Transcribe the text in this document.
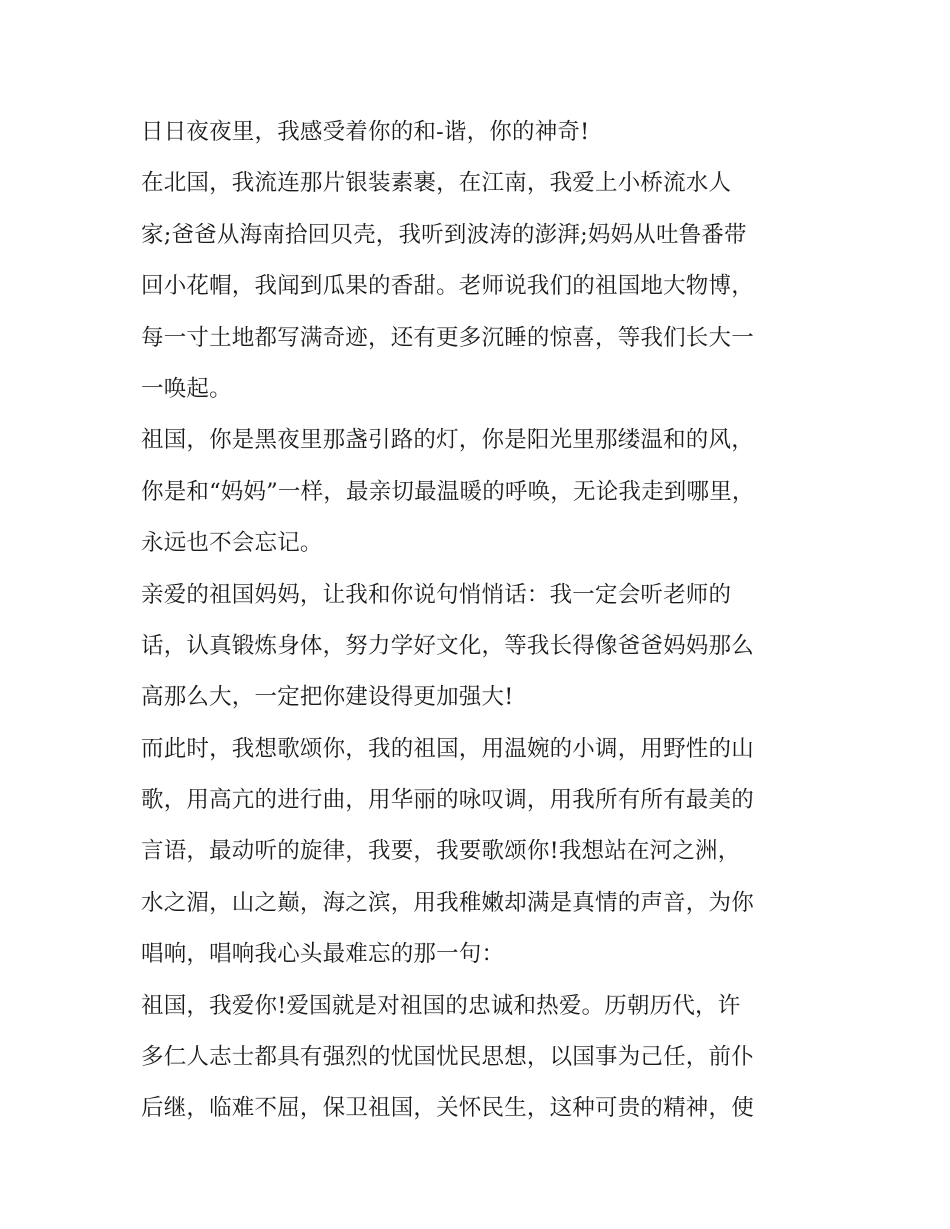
日日夜夜里，我感受着你的和-谐，你的神奇!
在北国，我流连那片银装素裹，在江南，我爱上小桥流水人
家;爸爸从海南拾回贝壳，我听到波涛的澎湃;妈妈从吐鲁番带
回小花帽，我闻到瓜果的香甜。老师说我们的祖国地大物博，
每一寸土地都写满奇迹，还有更多沉睡的惊喜，等我们长大一
一唤起。
祖国，你是黑夜里那盏引路的灯，你是阳光里那缕温和的风，
你是和“妈妈”一样，最亲切最温暖的呼唤，无论我走到哪里，
永远也不会忘记。
亲爱的祖国妈妈，让我和你说句悄悄话：我一定会听老师的
话，认真锻炼身体，努力学好文化，等我长得像爸爸妈妈那么
高那么大，一定把你建设得更加强大!
而此时，我想歌颂你，我的祖国，用温婉的小调，用野性的山
歌，用高亢的进行曲，用华丽的咏叹调，用我所有所有最美的
言语，最动听的旋律，我要，我要歌颂你!我想站在河之洲，
水之湄，山之巅，海之滨，用我稚嫩却满是真情的声音，为你
唱响，唱响我心头最难忘的那一句：
祖国，我爱你!爱国就是对祖国的忠诚和热爱。历朝历代，许
多仁人志士都具有强烈的忧国忧民思想，以国事为己任，前仆
后继，临难不屈，保卫祖国，关怀民生，这种可贵的精神，使
